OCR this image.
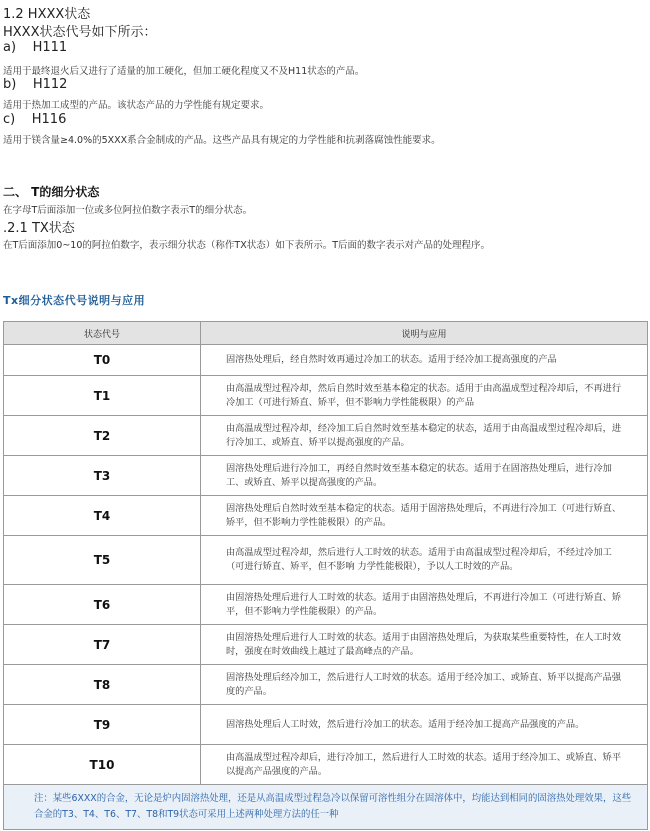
1.2 HXXX状态
HXXX状态代号如下所示：
a) H111
适用于最终退火后又进行了适量的加工硬化，但加工硬化程度又不及H11状态的产品。
b) H112
适用于热加工成型的产品。该状态产品的力学性能有规定要求。
c) H116
适用于镁含量≥4.0%的5XXX系合金制成的产品。这些产品具有规定的力学性能和抗剥落腐蚀性能要求。
二、 T的细分状态
在字母T后面添加一位或多位阿拉伯数字表示T的细分状态。
.2.1 TX状态
在T后面添加0~10的阿拉伯数字，表示细分状态（称作TX状态）如下表所示。T后面的数字表示对产品的处理程序。
Tx细分状态代号说明与应用
状态代号	说明与应用
T0	固溶热处理后，经自然时效再通过冷加工的状态。适用于经冷加工提高强度的产品
T1	由高温成型过程冷却，然后自然时效至基本稳定的状态。适用于由高温成型过程冷却后，不再进行冷加工（可进行矫直、矫平，但不影响力学性能极限）的产品
T2	由高温成型过程冷却，经冷加工后自然时效至基本稳定的状态，适用于由高温成型过程冷却后，进行冷加工、或矫直、矫平以提高强度的产品。
T3	固溶热处理后进行冷加工，再经自然时效至基本稳定的状态。适用于在固溶热处理后，进行冷加工、或矫直、矫平以提高强度的产品。
T4	固溶热处理后自然时效至基本稳定的状态。适用于固溶热处理后，不再进行冷加工（可进行矫直、矫平，但不影响力学性能极限）的产品。
T5	由高温成型过程冷却，然后进行人工时效的状态。适用于由高温成型过程冷却后，不经过冷加工（可进行矫直、矫平，但不影响 力学性能极限），予以人工时效的产品。
T6	由固溶热处理后进行人工时效的状态。适用于由固溶热处理后，不再进行冷加工（可进行矫直、矫平，但不影响力学性能极限）的产品。
T7	由固溶热处理后进行人工时效的状态。适用于由固溶热处理后，为获取某些重要特性，在人工时效时，强度在时效曲线上越过了最高峰点的产品。
T8	固溶热处理后经冷加工，然后进行人工时效的状态。适用于经冷加工、或矫直、矫平以提高产品强度的产品。
T9	固溶热处理后人工时效，然后进行冷加工的状态。适用于经冷加工提高产品强度的产品。
T10	由高温成型过程冷却后，进行冷加工，然后进行人工时效的状态。适用于经冷加工、或矫直、矫平以提高产品强度的产品。
注：某些6XXX的合金，无论是炉内固溶热处理，还是从高温成型过程急冷以保留可溶性组分在固溶体中，均能达到相同的固溶热处理效果，这些合金的T3、T4、T6、T7、T8和T9状态可采用上述两种处理方法的任一种	
